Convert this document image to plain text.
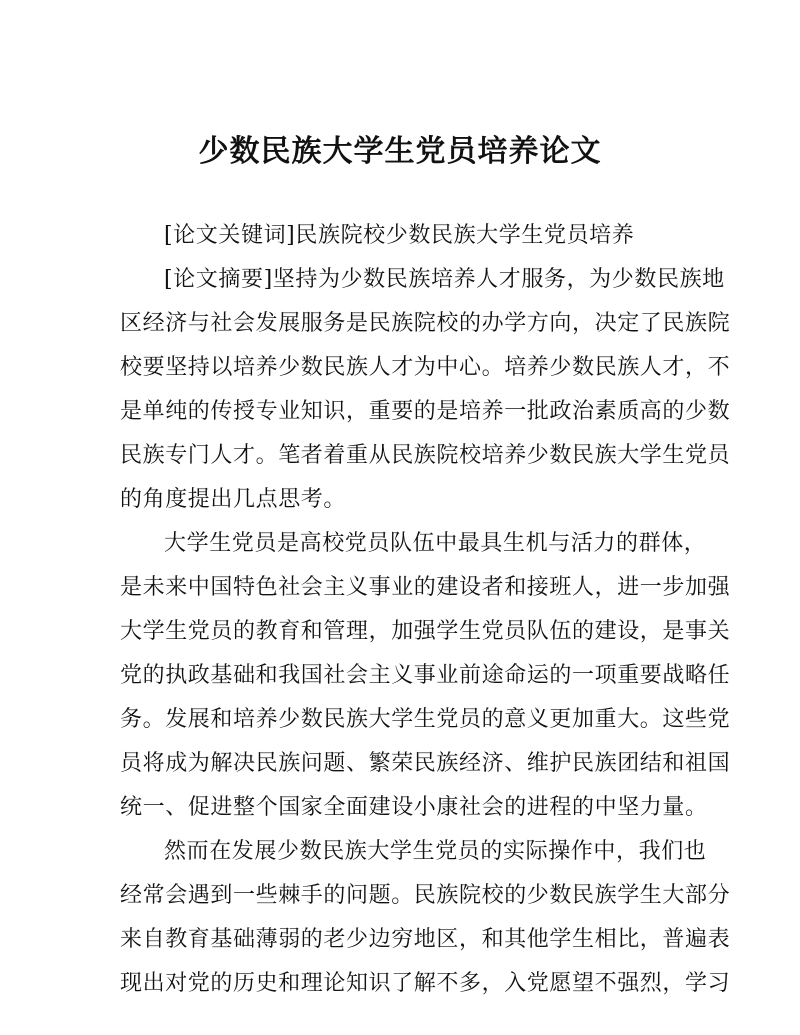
少数民族大学生党员培养论文

[论文关键词]民族院校少数民族大学生党员培养

[论文摘要]坚持为少数民族培养人才服务，为少数民族地
区经济与社会发展服务是民族院校的办学方向，决定了民族院
校要坚持以培养少数民族人才为中心。培养少数民族人才，不
是单纯的传授专业知识，重要的是培养一批政治素质高的少数
民族专门人才。笔者着重从民族院校培养少数民族大学生党员
的角度提出几点思考。

大学生党员是高校党员队伍中最具生机与活力的群体，
是未来中国特色社会主义事业的建设者和接班人，进一步加强
大学生党员的教育和管理，加强学生党员队伍的建设，是事关
党的执政基础和我国社会主义事业前途命运的一项重要战略任
务。发展和培养少数民族大学生党员的意义更加重大。这些党
员将成为解决民族问题、繁荣民族经济、维护民族团结和祖国
统一、促进整个国家全面建设小康社会的进程的中坚力量。

然而在发展少数民族大学生党员的实际操作中，我们也
经常会遇到一些棘手的问题。民族院校的少数民族学生大部分
来自教育基础薄弱的老少边穷地区，和其他学生相比，普遍表
现出对党的历史和理论知识了解不多，入党愿望不强烈，学习
